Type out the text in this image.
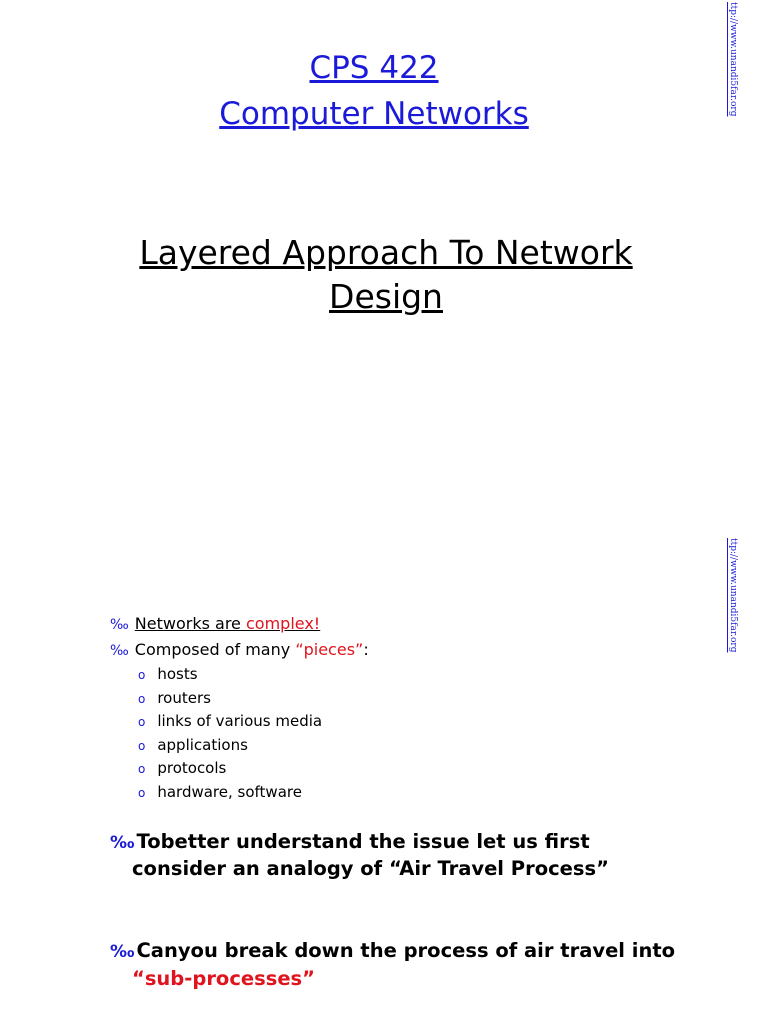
CPS 422
Computer Networks
Layered Approach To Network
Design
ttp://www.unandi5far.org
ttp://www.unandi5far.org
‰ Networks are complex!
‰ Composed of many “pieces”:
o hosts
o routers
o links of various media
o applications
o protocols
o hardware, software
‰ Tobetter understand the issue let us first
consider an analogy of “Air Travel Process”
‰ Canyou break down the process of air travel into
“sub-processes”
